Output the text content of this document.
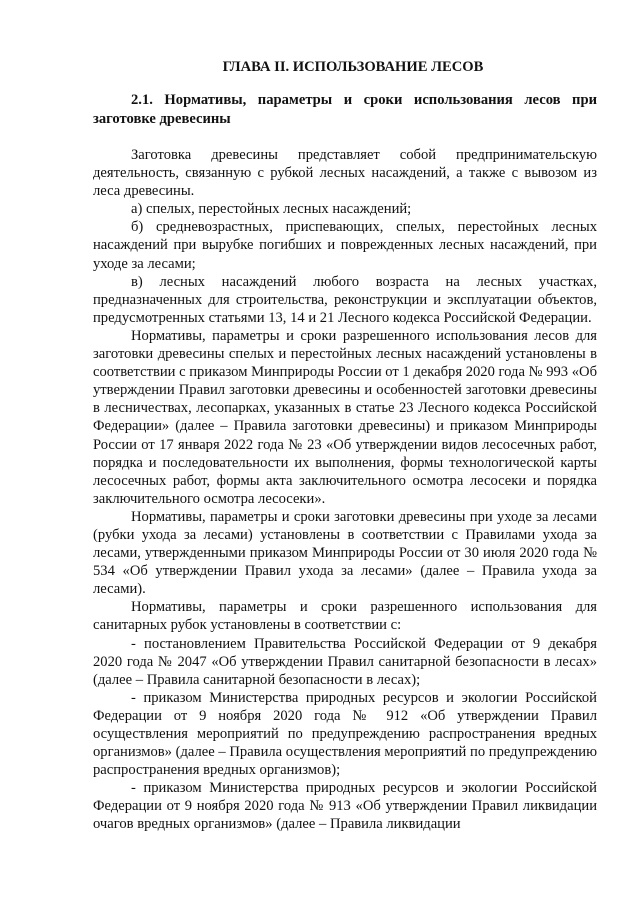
ГЛАВА II. ИСПОЛЬЗОВАНИЕ ЛЕСОВ
2.1. Нормативы, параметры и сроки использования лесов при заготовке древесины

Заготовка древесины представляет собой предпринимательскую деятельность, связанную с рубкой лесных насаждений, а также с вывозом из леса древесины.

а) спелых, перестойных лесных насаждений;

б) средневозрастных, приспевающих, спелых, перестойных лесных насаждений при вырубке погибших и поврежденных лесных насаждений, при уходе за лесами;

в) лесных насаждений любого возраста на лесных участках, предназначенных для строительства, реконструкции и эксплуатации объектов, предусмотренных статьями 13, 14 и 21 Лесного кодекса Российской Федерации.

Нормативы, параметры и сроки разрешенного использования лесов для заготовки древесины спелых и перестойных лесных насаждений установлены в соответствии с приказом Минприроды России от 1 декабря 2020 года № 993 «Об утверждении Правил заготовки древесины и особенностей заготовки древесины в лесничествах, лесопарках, указанных в статье 23 Лесного кодекса Российской Федерации» (далее – Правила заготовки древесины) и приказом Минприроды России от 17 января 2022 года № 23 «Об утверждении видов лесосечных работ, порядка и последовательности их выполнения, формы технологической карты лесосечных работ, формы акта заключительного осмотра лесосеки и порядка заключительного осмотра лесосеки».

Нормативы, параметры и сроки заготовки древесины при уходе за лесами (рубки ухода за лесами) установлены в соответствии с Правилами ухода за лесами, утвержденными приказом Минприроды России от 30 июля 2020 года № 534 «Об утверждении Правил ухода за лесами» (далее – Правила ухода за лесами).

Нормативы, параметры и сроки разрешенного использования для санитарных рубок установлены в соответствии с:

- постановлением Правительства Российской Федерации от 9 декабря 2020 года № 2047 «Об утверждении Правил санитарной безопасности в лесах» (далее – Правила санитарной безопасности в лесах);

- приказом Министерства природных ресурсов и экологии Российской Федерации от 9 ноября 2020 года № 912 «Об утверждении Правил осуществления мероприятий по предупреждению распространения вредных организмов» (далее – Правила осуществления мероприятий по предупреждению распространения вредных организмов);

- приказом Министерства природных ресурсов и экологии Российской Федерации от 9 ноября 2020 года № 913 «Об утверждении Правил ликвидации очагов вредных организмов» (далее – Правила ликвидации
